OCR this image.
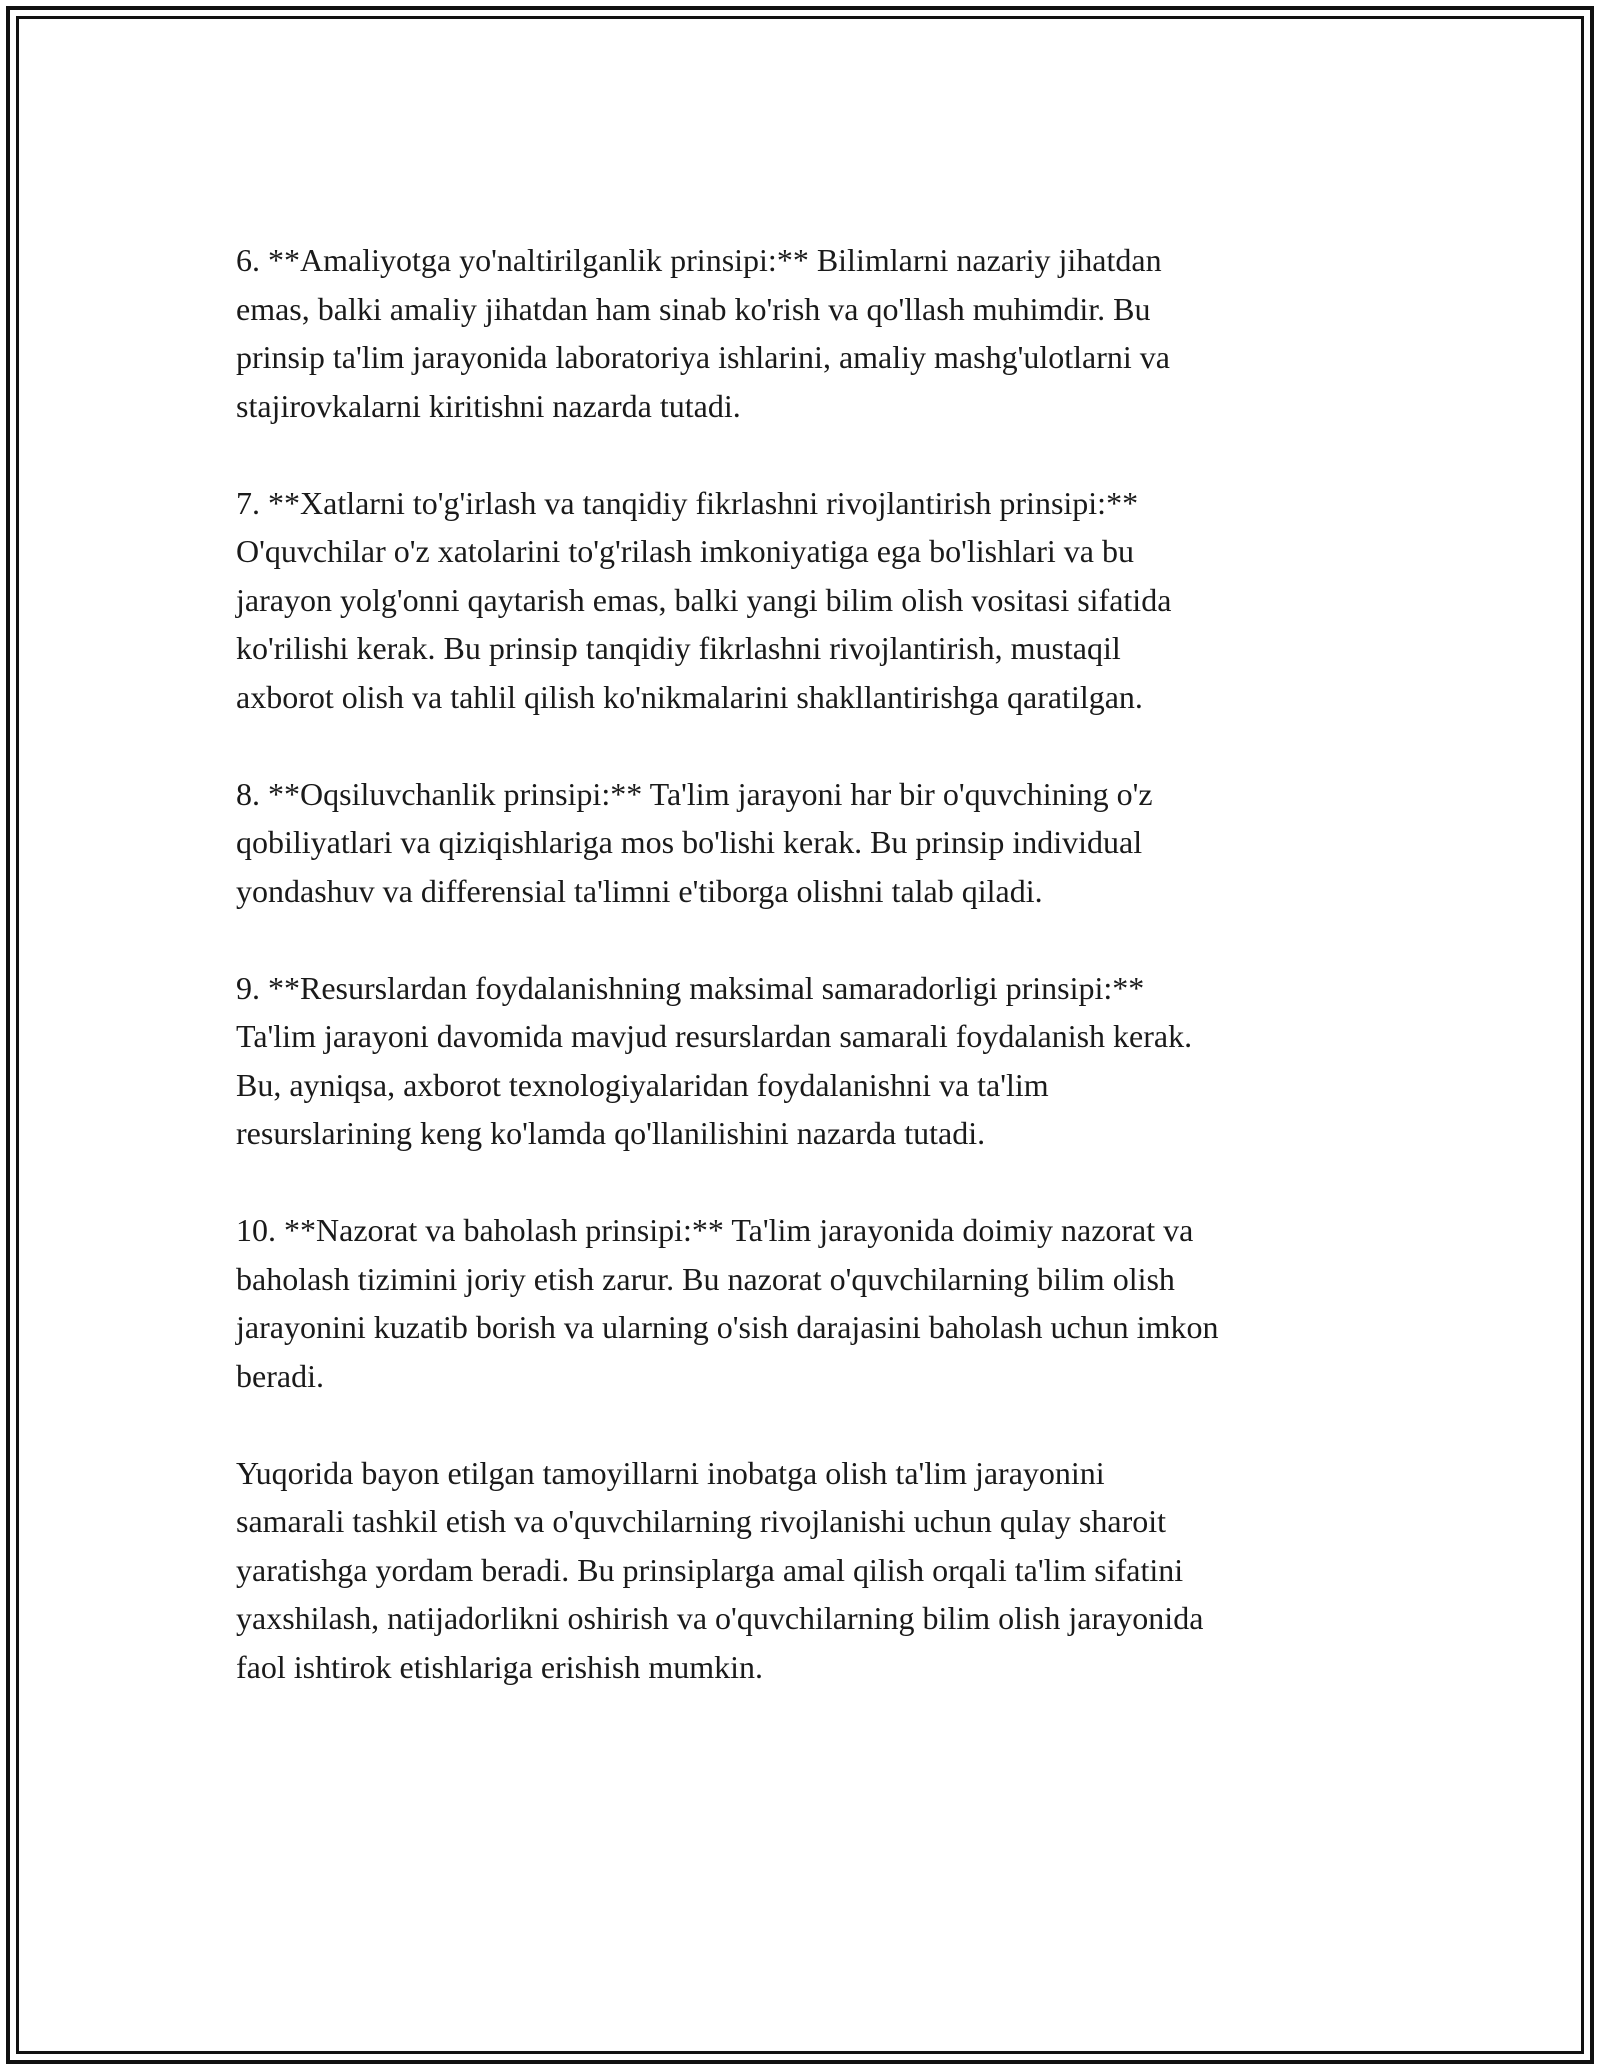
6. **Amaliyotga yo'naltirilganlik prinsipi:** Bilimlarni nazariy jihatdan
emas, balki amaliy jihatdan ham sinab ko'rish va qo'llash muhimdir. Bu
prinsip ta'lim jarayonida laboratoriya ishlarini, amaliy mashg'ulotlarni va
stajirovkalarni kiritishni nazarda tutadi.

7. **Xatlarni to'g'irlash va tanqidiy fikrlashni rivojlantirish prinsipi:**
O'quvchilar o'z xatolarini to'g'rilash imkoniyatiga ega bo'lishlari va bu
jarayon yolg'onni qaytarish emas, balki yangi bilim olish vositasi sifatida
ko'rilishi kerak. Bu prinsip tanqidiy fikrlashni rivojlantirish, mustaqil
axborot olish va tahlil qilish ko'nikmalarini shakllantirishga qaratilgan.

8. **Oqsiluvchanlik prinsipi:** Ta'lim jarayoni har bir o'quvchining o'z
qobiliyatlari va qiziqishlariga mos bo'lishi kerak. Bu prinsip individual
yondashuv va differensial ta'limni e'tiborga olishni talab qiladi.

9. **Resurslardan foydalanishning maksimal samaradorligi prinsipi:**
Ta'lim jarayoni davomida mavjud resurslardan samarali foydalanish kerak.
Bu, ayniqsa, axborot texnologiyalaridan foydalanishni va ta'lim
resurslarining keng ko'lamda qo'llanilishini nazarda tutadi.

10. **Nazorat va baholash prinsipi:** Ta'lim jarayonida doimiy nazorat va
baholash tizimini joriy etish zarur. Bu nazorat o'quvchilarning bilim olish
jarayonini kuzatib borish va ularning o'sish darajasini baholash uchun imkon
beradi.

Yuqorida bayon etilgan tamoyillarni inobatga olish ta'lim jarayonini
samarali tashkil etish va o'quvchilarning rivojlanishi uchun qulay sharoit
yaratishga yordam beradi. Bu prinsiplarga amal qilish orqali ta'lim sifatini
yaxshilash, natijadorlikni oshirish va o'quvchilarning bilim olish jarayonida
faol ishtirok etishlariga erishish mumkin.
